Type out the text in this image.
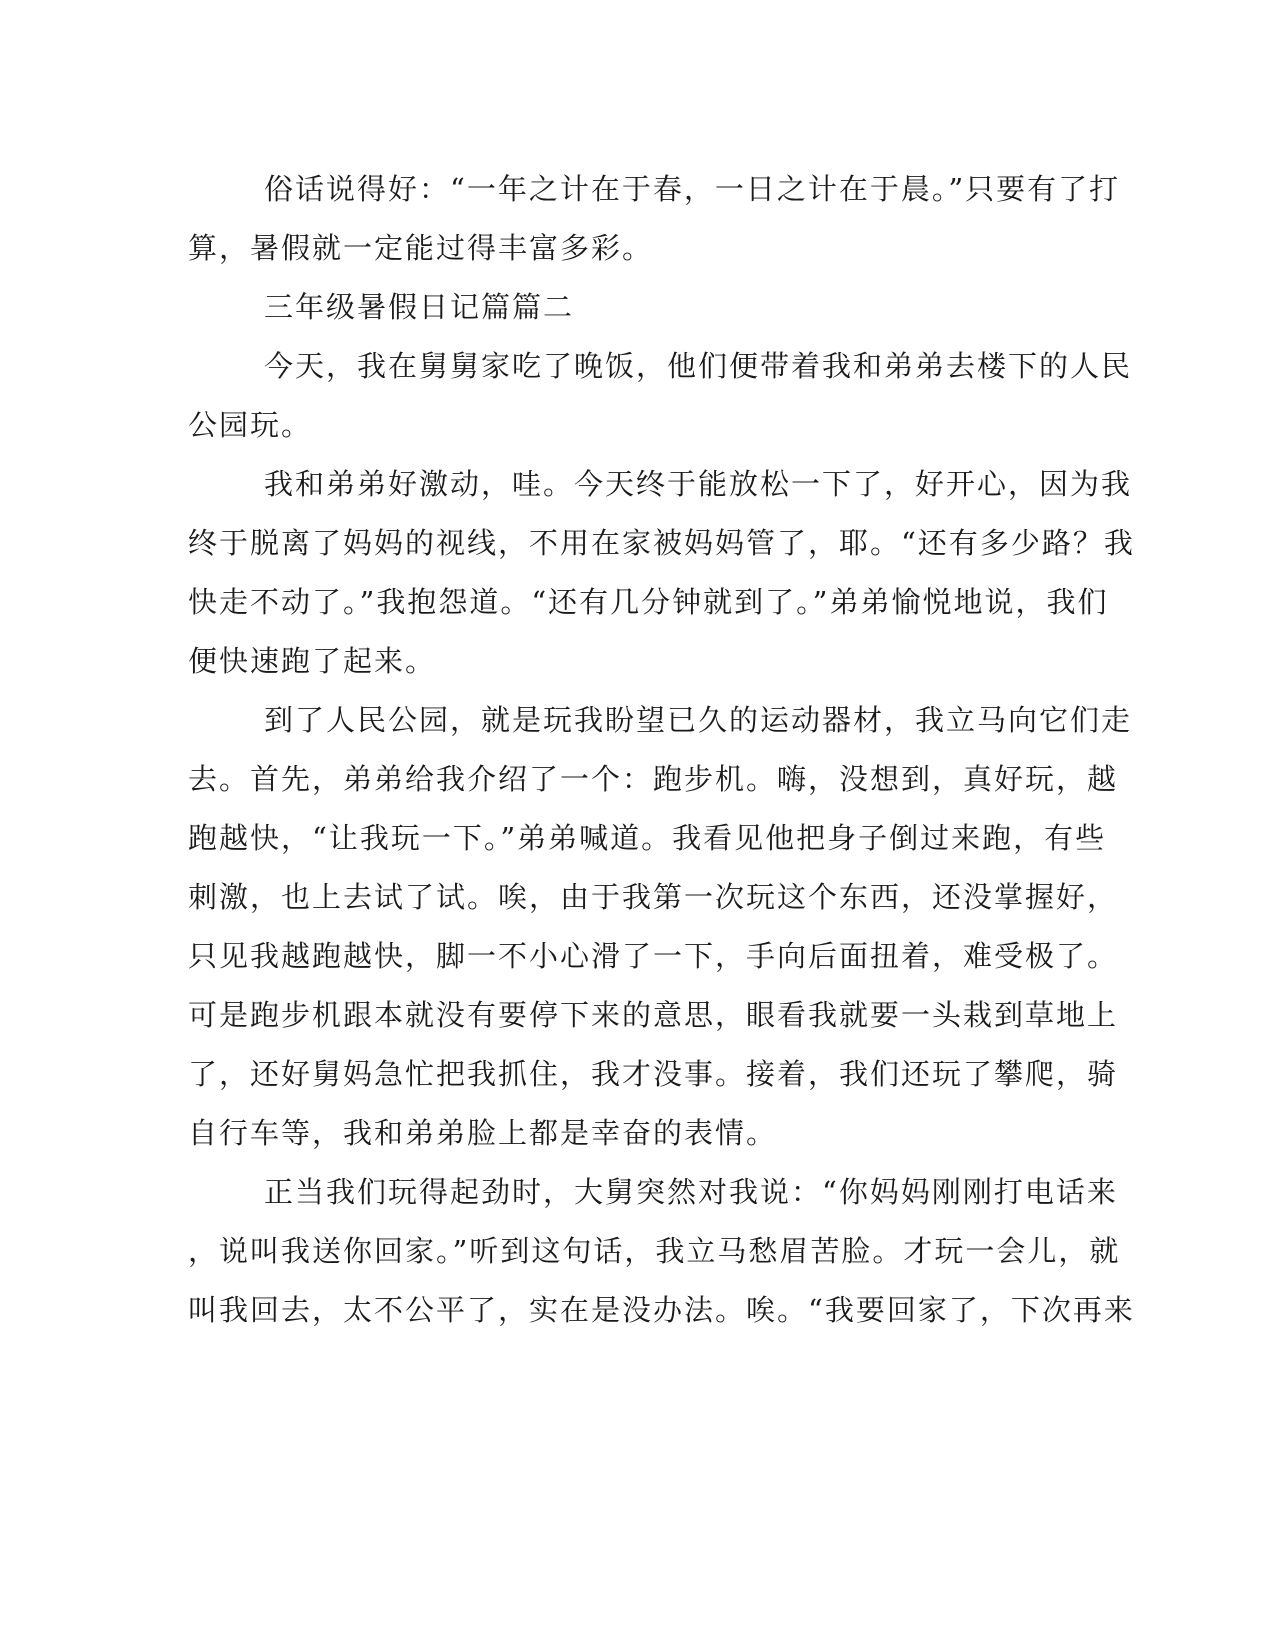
俗话说得好：“一年之计在于春，一日之计在于晨。”只要有了打
算，暑假就一定能过得丰富多彩。
三年级暑假日记篇篇二
今天，我在舅舅家吃了晚饭，他们便带着我和弟弟去楼下的人民
公园玩。
我和弟弟好激动，哇。今天终于能放松一下了，好开心，因为我
终于脱离了妈妈的视线，不用在家被妈妈管了，耶。“还有多少路？我
快走不动了。”我抱怨道。“还有几分钟就到了。”弟弟愉悦地说，我们
便快速跑了起来。
到了人民公园，就是玩我盼望已久的运动器材，我立马向它们走
去。首先，弟弟给我介绍了一个：跑步机。嗨，没想到，真好玩，越
跑越快，“让我玩一下。”弟弟喊道。我看见他把身子倒过来跑，有些
刺激，也上去试了试。唉，由于我第一次玩这个东西，还没掌握好，
只见我越跑越快，脚一不小心滑了一下，手向后面扭着，难受极了。
可是跑步机跟本就没有要停下来的意思，眼看我就要一头栽到草地上
了，还好舅妈急忙把我抓住，我才没事。接着，我们还玩了攀爬，骑
自行车等，我和弟弟脸上都是幸奋的表情。
正当我们玩得起劲时，大舅突然对我说：“你妈妈刚刚打电话来
，说叫我送你回家。”听到这句话，我立马愁眉苦脸。才玩一会儿，就
叫我回去，太不公平了，实在是没办法。唉。“我要回家了，下次再来
